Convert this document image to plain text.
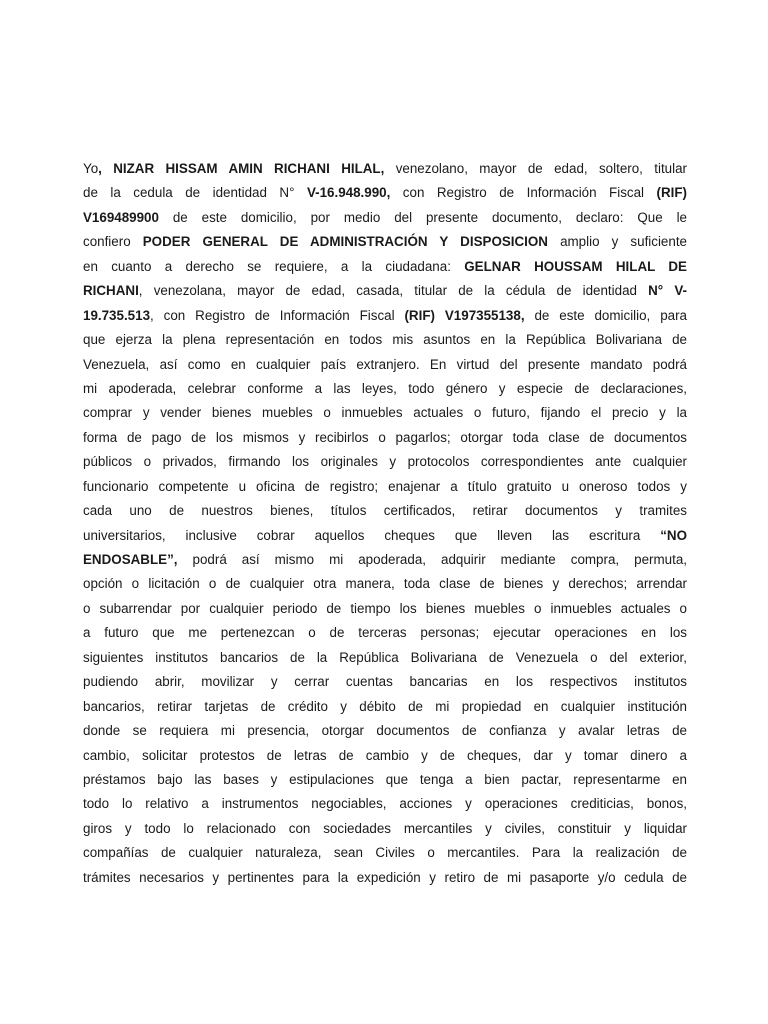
Yo, NIZAR HISSAM AMIN RICHANI HILAL, venezolano, mayor de edad, soltero, titular
de la cedula de identidad N° V-16.948.990, con Registro de Información Fiscal (RIF)
V169489900 de este domicilio, por medio del presente documento, declaro: Que le
confiero PODER GENERAL DE ADMINISTRACIÓN Y DISPOSICION amplio y suficiente
en cuanto a derecho se requiere, a la ciudadana: GELNAR HOUSSAM HILAL DE
RICHANI, venezolana, mayor de edad, casada, titular de la cédula de identidad N° V-
19.735.513, con Registro de Información Fiscal (RIF) V197355138, de este domicilio, para
que ejerza la plena representación en todos mis asuntos en la República Bolivariana de
Venezuela, así como en cualquier país extranjero. En virtud del presente mandato podrá
mi apoderada, celebrar conforme a las leyes, todo género y especie de declaraciones,
comprar y vender bienes muebles o inmuebles actuales o futuro, fijando el precio y la
forma de pago de los mismos y recibirlos o pagarlos; otorgar toda clase de documentos
públicos o privados, firmando los originales y protocolos correspondientes ante cualquier
funcionario competente u oficina de registro; enajenar a título gratuito u oneroso todos y
cada uno de nuestros bienes, títulos certificados, retirar documentos y tramites
universitarios, inclusive cobrar aquellos cheques que lleven las escritura “NO
ENDOSABLE”, podrá así mismo mi apoderada, adquirir mediante compra, permuta,
opción o licitación o de cualquier otra manera, toda clase de bienes y derechos; arrendar
o subarrendar por cualquier periodo de tiempo los bienes muebles o inmuebles actuales o
a futuro que me pertenezcan o de terceras personas; ejecutar operaciones en los
siguientes institutos bancarios de la República Bolivariana de Venezuela o del exterior,
pudiendo abrir, movilizar y cerrar cuentas bancarias en los respectivos institutos
bancarios, retirar tarjetas de crédito y débito de mi propiedad en cualquier institución
donde se requiera mi presencia, otorgar documentos de confianza y avalar letras de
cambio, solicitar protestos de letras de cambio y de cheques, dar y tomar dinero a
préstamos bajo las bases y estipulaciones que tenga a bien pactar, representarme en
todo lo relativo a instrumentos negociables, acciones y operaciones crediticias, bonos,
giros y todo lo relacionado con sociedades mercantiles y civiles, constituir y liquidar
compañías de cualquier naturaleza, sean Civiles o mercantiles. Para la realización de
trámites necesarios y pertinentes para la expedición y retiro de mi pasaporte y/o cedula de
